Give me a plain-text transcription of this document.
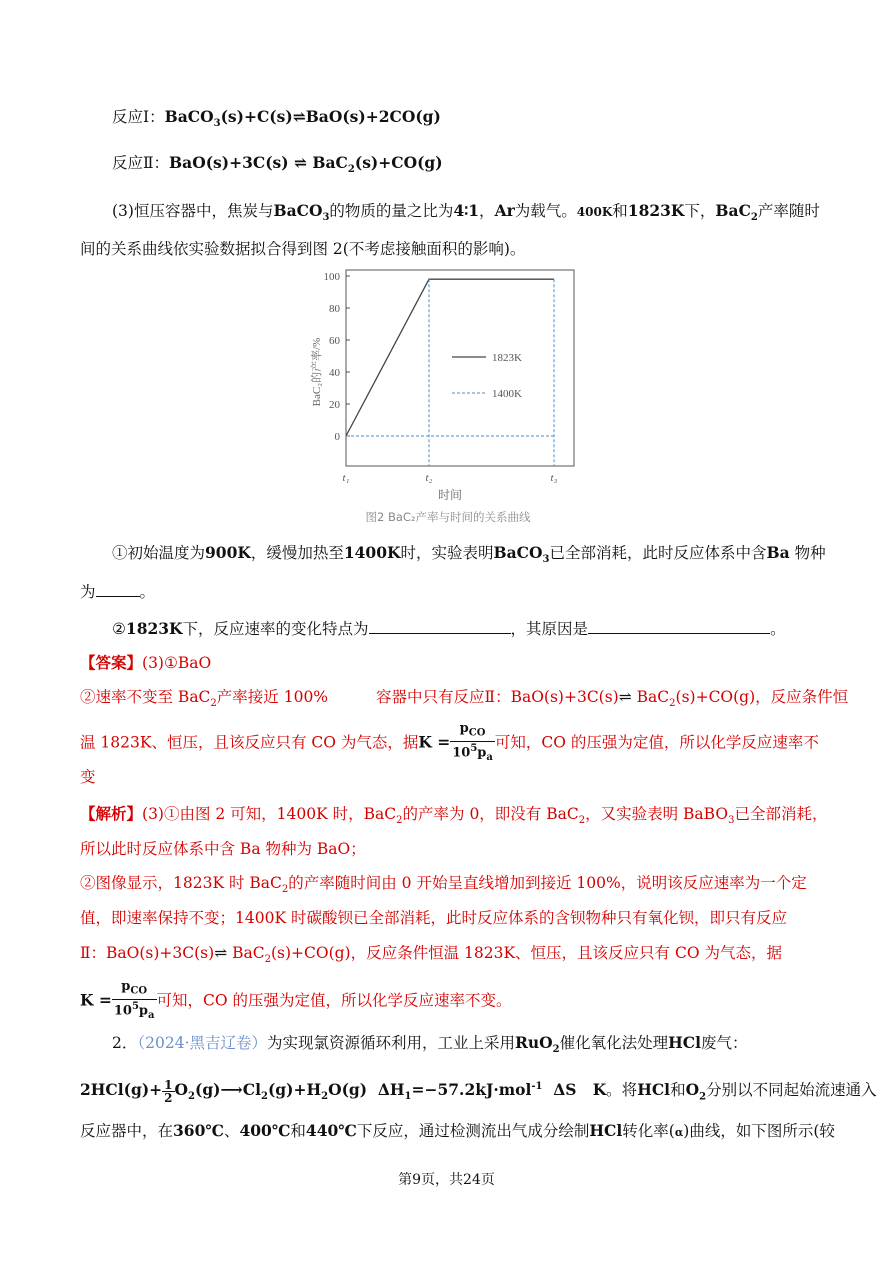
反应Ⅰ：BaCO$_3$(s)+C(s)⇌BaO(s)+2CO(g)
反应Ⅱ：BaO(s)+3C(s) ⇌ BaC$_2$(s)+CO(g)
(3)恒压容器中，焦炭与BaCO$_3$的物质的量之比为4∶1，Ar为载气。400K和1823K下，BaC$_2$产率随时
间的关系曲线依实验数据拟合得到图 2(不考虑接触面积的影响)。
0
20
40
60
80
100
t₁	t₂	t₃
1823K
1400K
BaC₂的产率/%
时间
图2 BaC₂产率与时间的关系曲线
①初始温度为900K，缓慢加热至1400K时，实验表明BaCO$_3$已全部消耗，此时反应体系中含Ba 物种
为	。
②1823K下，反应速率的变化特点为	，其原因是	。
【答案】(3)①BaO
②速率不变至 BaC$_2$产率接近 100%	容器中只有反应Ⅱ：BaO(s)+3C(s)⇌ BaC$_2$(s)+CO(g)，反应条件恒
温 1823K、恒压，且该反应只有 CO 为气态，据$K = \frac{p_{CO}}{10^5p_a}$ 可知，CO 的压强为定值，所以化学反应速率不
变
【解析】(3)①由图 2 可知，1400K 时，BaC$_2$的产率为 0，即没有 BaC$_2$，又实验表明 BaBO$_3$已全部消耗，
所以此时反应体系中含 Ba 物种为 BaO；
②图像显示，1823K 时 BaC$_2$的产率随时间由 0 开始呈直线增加到接近 100%，说明该反应速率为一个定
值，即速率保持不变；1400K 时碳酸钡已全部消耗，此时反应体系的含钡物种只有氧化钡，即只有反应
Ⅱ：BaO(s)+3C(s)⇌ BaC$_2$(s)+CO(g)，反应条件恒温 1823K、恒压，且该反应只有 CO 为气态，据
$K = \frac{p_{CO}}{10^5p_a}$ 可知，CO 的压强为定值，所以化学反应速率不变。
2．（2024·黑吉辽卷）为实现氯资源循环利用，工业上采用RuO$_2$催化氧化法处理HCl废气：
$2HCl(g)+ \frac{1}{2}$ $O_2(g)⟶Cl_2(g)+H_2O(g)$ $\Delta H_1=-57.2kJ\cdot mol^{-1}$ ΔS K。将HCl和$O_2$分别以不同起始流速通入
反应器中，在360℃、400℃和440℃下反应，通过检测流出气成分绘制HCl转化率(α)曲线，如下图所示(较
第9页，共24页
